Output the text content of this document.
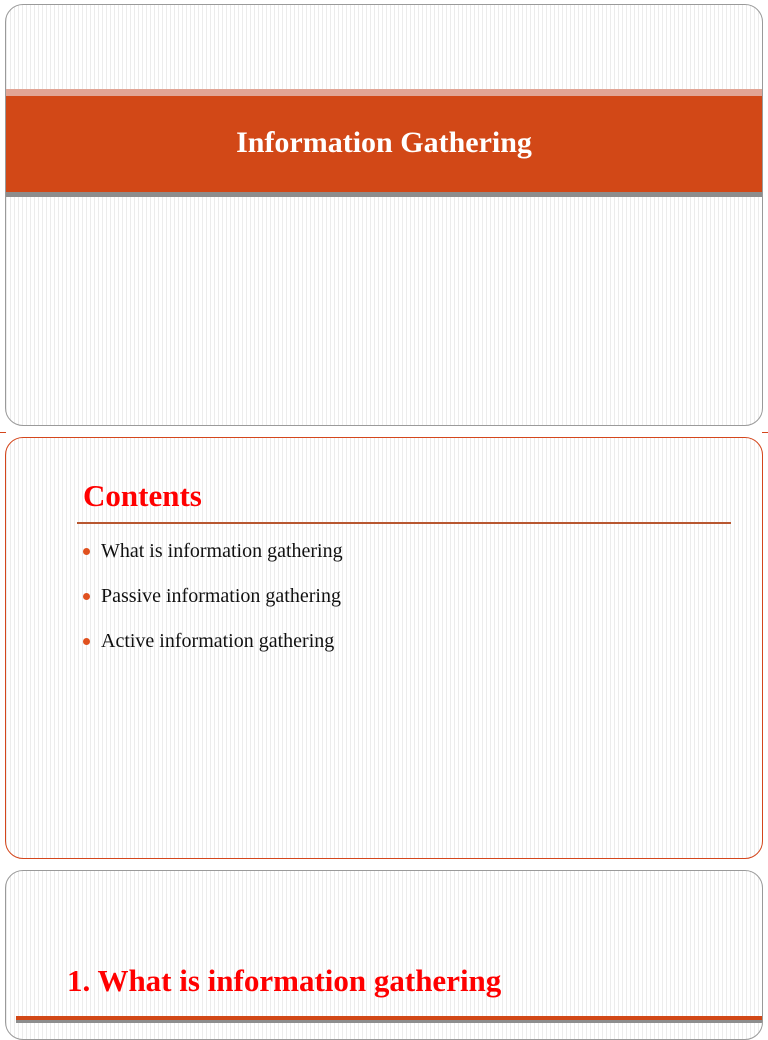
Information Gathering
Contents
What is information gathering
Passive information gathering
Active information gathering
1. What is information gathering
